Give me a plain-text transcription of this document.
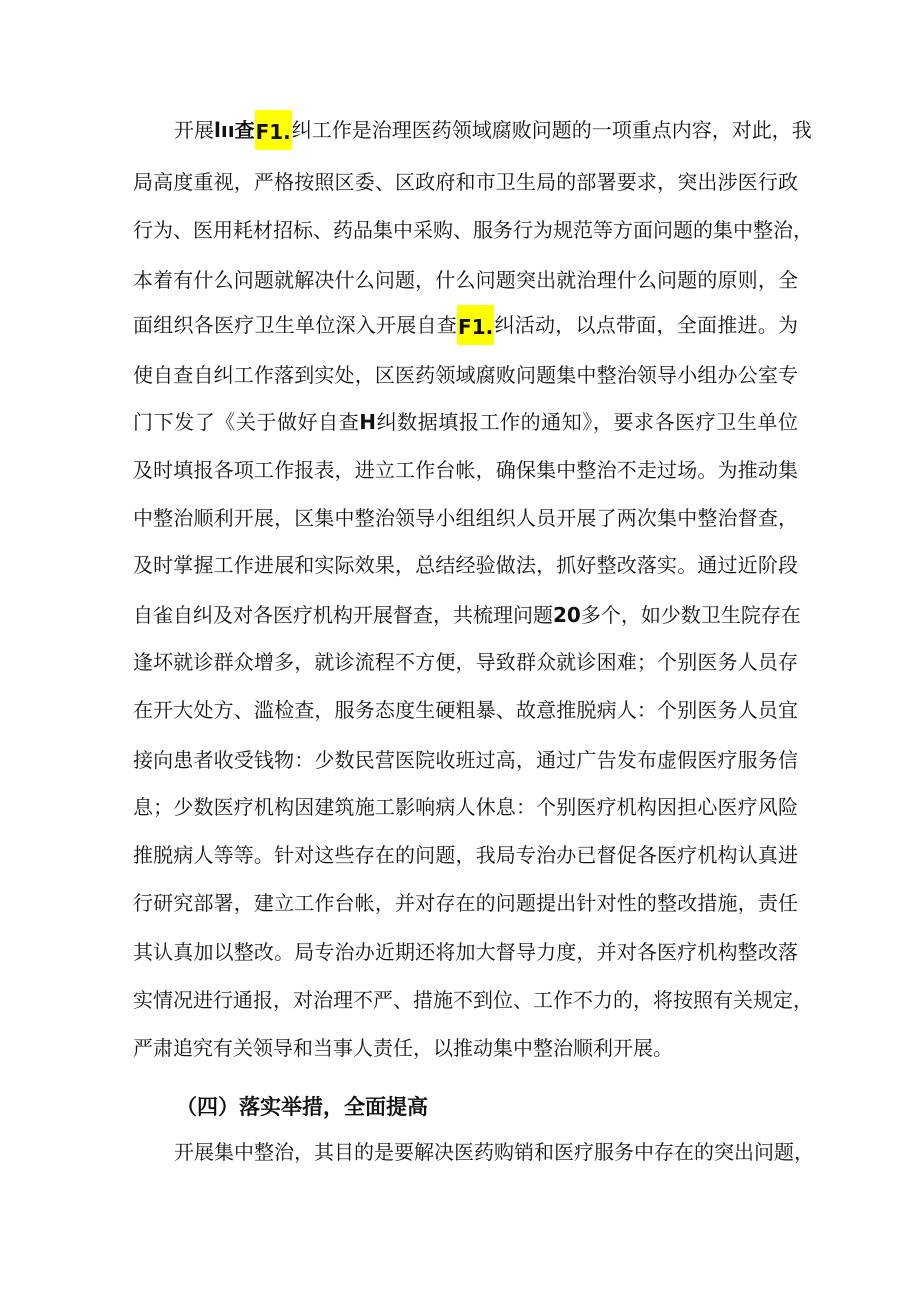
开展lıı查F1.纠工作是治理医药领域腐败问题的一项重点内容，对此，我
局高度重视，严格按照区委、区政府和市卫生局的部署要求，突出涉医行政
行为、医用耗材招标、药品集中采购、服务行为规范等方面问题的集中整治，
本着有什么问题就解决什么问题，什么问题突出就治理什么问题的原则，全
面组织各医疗卫生单位深入开展自查F1.纠活动，以点带面，全面推进。为
使自查自纠工作落到实处，区医药领域腐败问题集中整治领导小组办公室专
门下发了《关于做好自查H纠数据填报工作的通知》，要求各医疗卫生单位
及时填报各项工作报表，进立工作台帐，确保集中整治不走过场。为推动集
中整治顺利开展，区集中整治领导小组组织人员开展了两次集中整治督查，
及时掌握工作进展和实际效果，总结经验做法，抓好整改落实。通过近阶段
自雀自纠及对各医疗机构开展督查，共梳理问题20多个，如少数卫生院存在
逢坏就诊群众增多，就诊流程不方便，导致群众就诊困难；个别医务人员存
在开大处方、滥检查，服务态度生硬粗暴、故意推脱病人：个别医务人员宜
接向患者收受钱物：少数民营医院收班过高，通过广告发布虚假医疗服务信
息；少数医疗机构因建筑施工影响病人休息：个别医疗机构因担心医疗风险
推脱病人等等。针对这些存在的问题，我局专治办已督促各医疗机构认真进
行研究部署，建立工作台帐，并对存在的问题提出针对性的整改措施，责任
其认真加以整改。局专治办近期还将加大督导力度，并对各医疗机构整改落
实情况进行通报，对治理不严、措施不到位、工作不力的，将按照有关规定，
严肃追究有关领导和当事人责任，以推动集中整治顺利开展。
（四）落实举措，全面提高
开展集中整治，其目的是要解决医药购销和医疗服务中存在的突出问题，
